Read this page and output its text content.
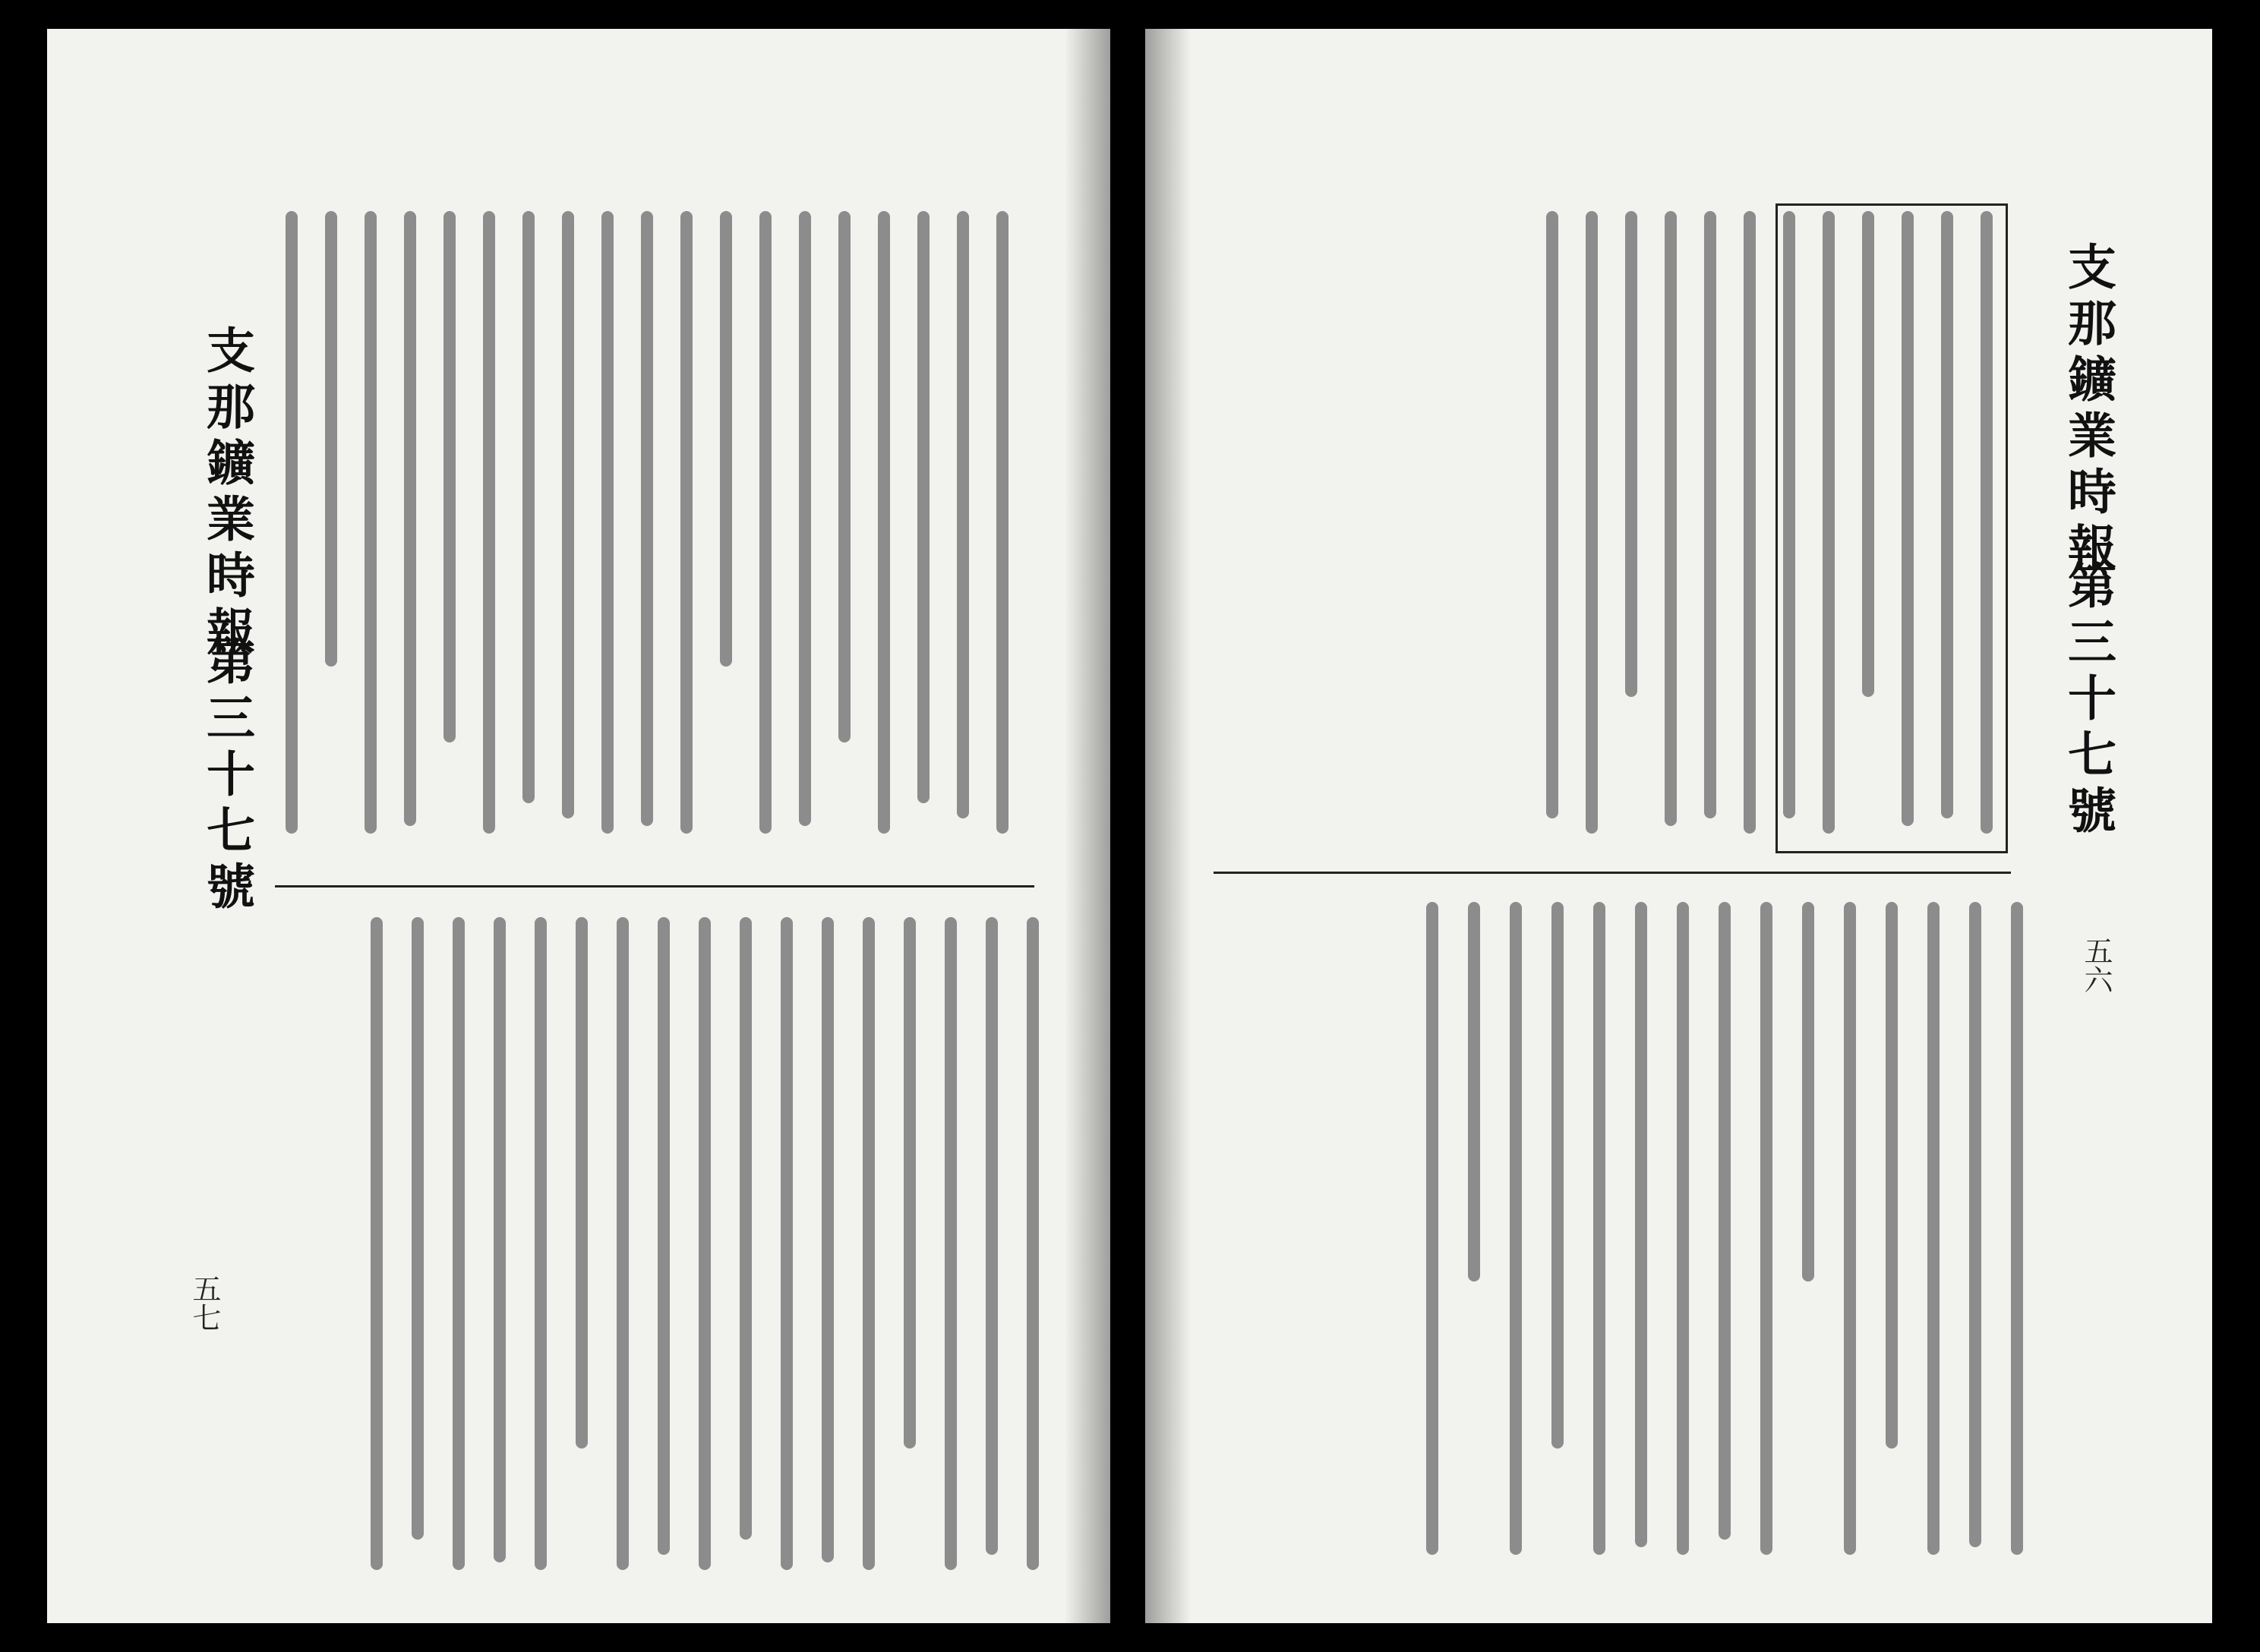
支那鑛業時報
第三十七號
五七
支那鑛業時報
第三十七號
五六
